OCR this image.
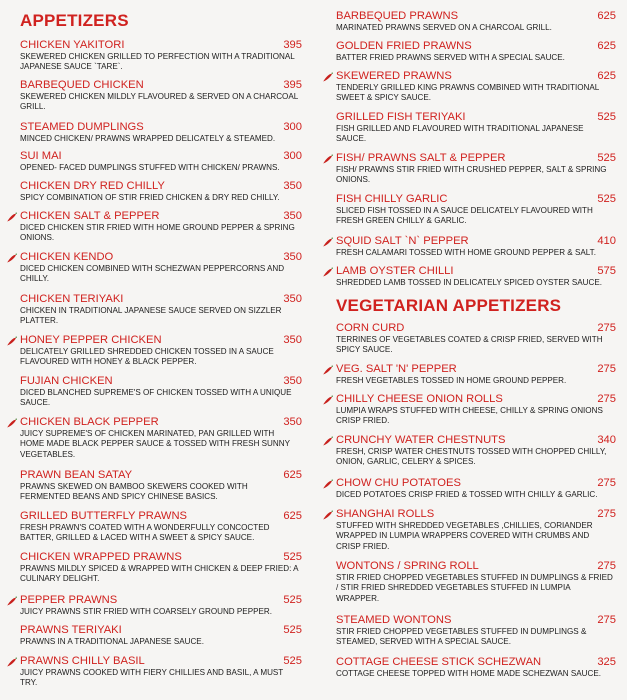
APPETIZERS
CHICKEN YAKITORI	395
SKEWERED CHICKEN GRILLED TO PERFECTION WITH A TRADITIONAL JAPANESE SAUCE `TARE`.
BARBEQUED CHICKEN	395
SKEWERED CHICKEN MILDLY FLAVOURED & SERVED ON A CHARCOAL GRILL.
STEAMED DUMPLINGS	300
MINCED CHICKEN/ PRAWNS WRAPPED DELICATELY & STEAMED.
SUI MAI	300
OPENED- FACED DUMPLINGS STUFFED WITH CHICKEN/ PRAWNS.
CHICKEN DRY RED CHILLY	350
SPICY COMBINATION OF STIR FRIED CHICKEN & DRY RED CHILLY.
CHICKEN SALT & PEPPER	350
DICED CHICKEN STIR FRIED WITH HOME GROUND PEPPER & SPRING ONIONS.
CHICKEN KENDO	350
DICED CHICKEN COMBINED WITH SCHEZWAN PEPPERCORNS AND CHILLY.
CHICKEN TERIYAKI	350
CHICKEN IN TRADITIONAL JAPANESE SAUCE SERVED ON SIZZLER PLATTER.
HONEY PEPPER CHICKEN	350
DELICATELY GRILLED SHREDDED CHICKEN TOSSED IN A SAUCE FLAVOURED WITH HONEY & BLACK PEPPER.
FUJIAN CHICKEN	350
DICED BLANCHED SUPREME'S OF CHICKEN TOSSED WITH A UNIQUE SAUCE.
CHICKEN BLACK PEPPER	350
JUICY SUPREME'S OF CHICKEN MARINATED, PAN GRILLED WITH HOME MADE BLACK PEPPER SAUCE & TOSSED WITH FRESH SUNNY VEGETABLES.
PRAWN BEAN SATAY	625
PRAWNS SKEWED ON BAMBOO SKEWERS COOKED WITH FERMENTED BEANS AND SPICY CHINESE BASICS.
GRILLED BUTTERFLY PRAWNS	625
FRESH PRAWN'S COATED WITH A WONDERFULLY CONCOCTED BATTER, GRILLED & LACED WITH A SWEET & SPICY SAUCE.
CHICKEN WRAPPED PRAWNS	525
PRAWNS MILDLY SPICED & WRAPPED WITH CHICKEN & DEEP FRIED: A CULINARY DELIGHT.
PEPPER PRAWNS	525
JUICY PRAWNS STIR FRIED WITH COARSELY GROUND PEPPER.
PRAWNS TERIYAKI	525
PRAWNS IN A TRADITIONAL JAPANESE SAUCE.
PRAWNS CHILLY BASIL	525
JUICY PRAWNS COOKED WITH FIERY CHILLIES AND BASIL, A MUST TRY.
BARBEQUED PRAWNS	625
MARINATED PRAWNS SERVED ON A CHARCOAL GRILL.
GOLDEN FRIED PRAWNS	625
BATTER FRIED PRAWNS SERVED WITH A SPECIAL SAUCE.
SKEWERED PRAWNS	625
TENDERLY GRILLED KING PRAWNS COMBINED WITH TRADITIONAL SWEET & SPICY SAUCE.
GRILLED FISH TERIYAKI	525
FISH GRILLED AND FLAVOURED WITH TRADITIONAL JAPANESE SAUCE.
FISH/ PRAWNS SALT & PEPPER	525
FISH/ PRAWNS STIR FRIED WITH CRUSHED PEPPER, SALT & SPRING ONIONS.
FISH CHILLY GARLIC	525
SLICED FISH TOSSED IN A SAUCE DELICATELY FLAVOURED WITH FRESH GREEN CHILLY & GARLIC.
SQUID SALT `N` PEPPER	410
FRESH CALAMARI TOSSED WITH HOME GROUND PEPPER & SALT.
LAMB OYSTER CHILLI	575
SHREDDED LAMB TOSSED IN DELICATELY SPICED OYSTER SAUCE.
VEGETARIAN APPETIZERS
CORN CURD	275
TERRINES OF VEGETABLES COATED & CRISP FRIED, SERVED WITH SPICY SAUCE.
VEG. SALT 'N' PEPPER	275
FRESH VEGETABLES TOSSED IN HOME GROUND PEPPER.
CHILLY CHEESE ONION ROLLS	275
LUMPIA WRAPS STUFFED WITH CHEESE, CHILLY & SPRING ONIONS CRISP FRIED.
CRUNCHY WATER CHESTNUTS	340
FRESH, CRISP WATER CHESTNUTS TOSSED WITH CHOPPED CHILLY, ONION, GARLIC, CELERY & SPICES.
CHOW CHU POTATOES	275
DICED POTATOES CRISP FRIED & TOSSED WITH CHILLY & GARLIC.
SHANGHAI ROLLS	275
STUFFED WITH SHREDDED VEGETABLES ,CHILLIES, CORIANDER WRAPPED IN LUMPIA WRAPPERS COVERED WITH CRUMBS AND CRISP FRIED.
WONTONS / SPRING ROLL	275
STIR FRIED CHOPPED VEGETABLES STUFFED IN DUMPLINGS & FRIED / STIR FRIED SHREDDED VEGETABLES STUFFED IN LUMPIA WRAPPER.
STEAMED WONTONS	275
STIR FRIED CHOPPED VEGETABLES STUFFED IN DUMPLINGS & STEAMED, SERVED WITH A SPECIAL SAUCE.
COTTAGE CHEESE STICK SCHEZWAN	325
COTTAGE CHEESE TOPPED WITH HOME MADE SCHEZWAN SAUCE.
